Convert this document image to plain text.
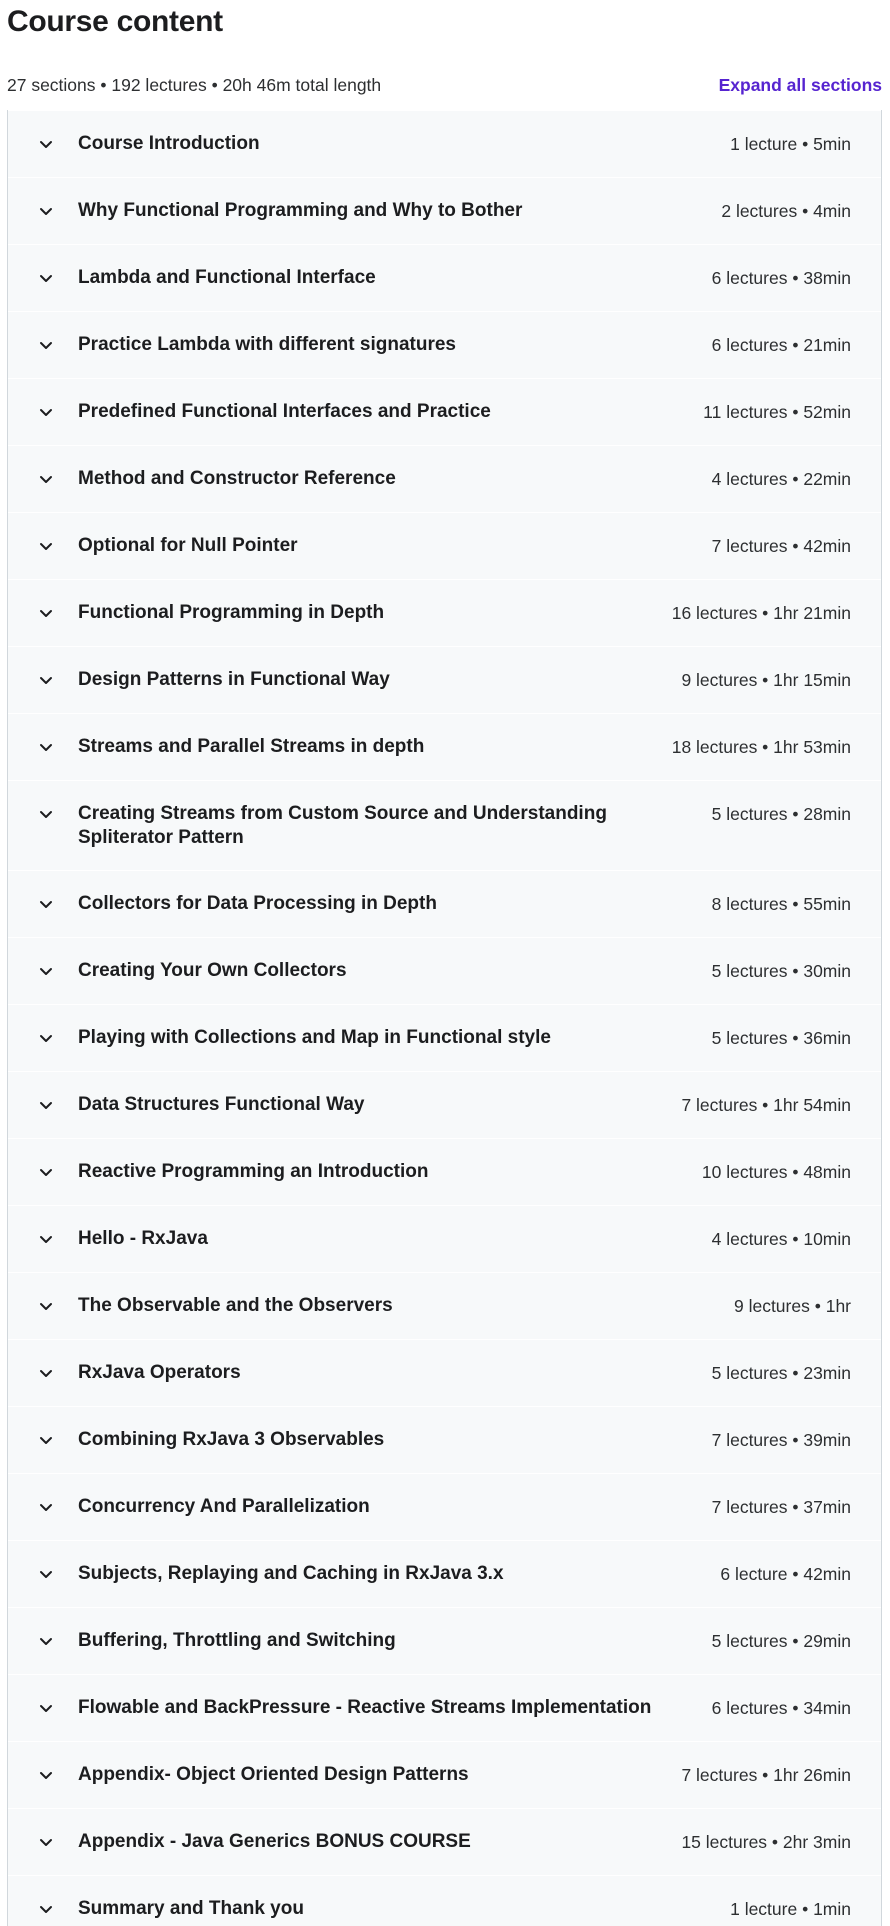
Course content
27 sections • 192 lectures • 20h 46m total length	Expand all sections
Course Introduction	1 lecture • 5min
Why Functional Programming and Why to Bother	2 lectures • 4min
Lambda and Functional Interface	6 lectures • 38min
Practice Lambda with different signatures	6 lectures • 21min
Predefined Functional Interfaces and Practice	11 lectures • 52min
Method and Constructor Reference	4 lectures • 22min
Optional for Null Pointer	7 lectures • 42min
Functional Programming in Depth	16 lectures • 1hr 21min
Design Patterns in Functional Way	9 lectures • 1hr 15min
Streams and Parallel Streams in depth	18 lectures • 1hr 53min
Creating Streams from Custom Source and Understanding Spliterator Pattern
5 lectures • 28min
Collectors for Data Processing in Depth	8 lectures • 55min
Creating Your Own Collectors	5 lectures • 30min
Playing with Collections and Map in Functional style	5 lectures • 36min
Data Structures Functional Way	7 lectures • 1hr 54min
Reactive Programming an Introduction	10 lectures • 48min
Hello - RxJava	4 lectures • 10min
The Observable and the Observers	9 lectures • 1hr
RxJava Operators	5 lectures • 23min
Combining RxJava 3 Observables	7 lectures • 39min
Concurrency And Parallelization	7 lectures • 37min
Subjects, Replaying and Caching in RxJava 3.x	6 lecture • 42min
Buffering, Throttling and Switching	5 lectures • 29min
Flowable and BackPressure - Reactive Streams Implementation	6 lectures • 34min
Appendix- Object Oriented Design Patterns	7 lectures • 1hr 26min
Appendix - Java Generics BONUS COURSE	15 lectures • 2hr 3min
Summary and Thank you	1 lecture • 1min
